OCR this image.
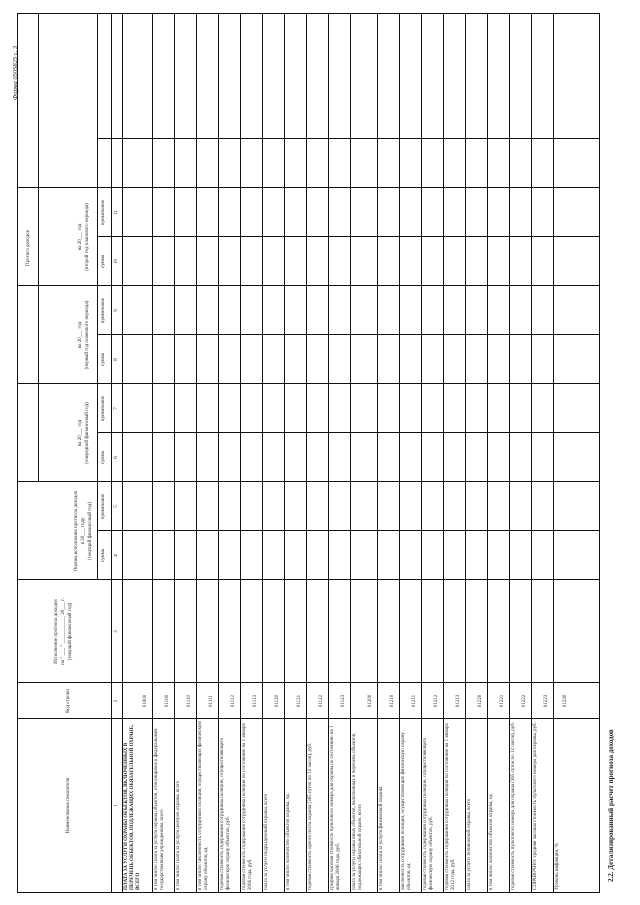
2.2. Детализированный расчет прогноза доходов
Форма 0505825 с. 3
Наименование показателя
Код строки
Исполнение прогноза доходов на " ___ " ___________ 20___ г. (текущий финансовый год)
Оценка исполнения прогноза доходов в 20___ году (текущий финансовый год)
Прогноз доходов
на 20___ год (очередной финансовый год)
на 20___ год (первый год планового периода)
на 20___ год (второй год планового периода)
сумма
примечание
сумма
примечание
сумма
примечание
сумма
примечание
1
2
3
4
5
6
7
8
9
10
11
ПЛАТА ЗА УСЛУГИ ОХРАНЫ ОБЪЕКТОВ, ВКЛЮЧЕННЫХ В ПЕРЕЧЕНЬ ОБЪЕКТОВ, ПОДЛЕЖАЩИХ ОБЯЗАТЕЛЬНОЙ ОХРАНЕ, ВСЕГО
01000
в том числе: плата за услуги охраны объектов, относящихся к федеральным государственным учреждениям, всего
01100
в том числе: плата за услуги центров охраны, всего
01110
в том числе: численность сотрудников полиции, осуществляющих физическую охрану объектов, ед.
01111
годовая стоимость содержания сотрудника полиции, осуществляющего физическую охрану объектов, руб.
01112
годовая стоимость содержания сотрудника полиции по состоянию на 1 января 2006 года, руб.
01113
плата за услуги подразделений охраны, всего
01120
в том числе: количество объектов охраны, ед.
01121
годовая стоимость одного поста охраны (365 суток по 12 часов), руб.
01122
средняя часовая стоимость пультового номера для охраны по состоянию на 1 января 2006 года, руб.
01123
плата за услуги охраны иных объектов, включенных в перечень объектов, подлежащих обязательной охране, всего
01200
в том числе: плата за услуги физической охраны
01210
численность сотрудников полиции, осуществляющих физическую охрану объектов, ед.
01211
годовая стоимость содержания сотрудника полиции, осуществляющего физическую охрану объектов, руб.
01212
годовая стоимость содержания сотрудника полиции по состоянию на 1 января 2012 года, руб.
01213
плата за услуги технической охраны, всего
01220
в том числе: количество объектов охраны, ед.
01221
годовая стоимость пультового номера для охраны (365 суток по 12 часов), руб.
01222
СПРАВОЧНО: средняя часовая стоимость пультового номера для охраны, руб.
01223
Уровень инфляции, %
01230
